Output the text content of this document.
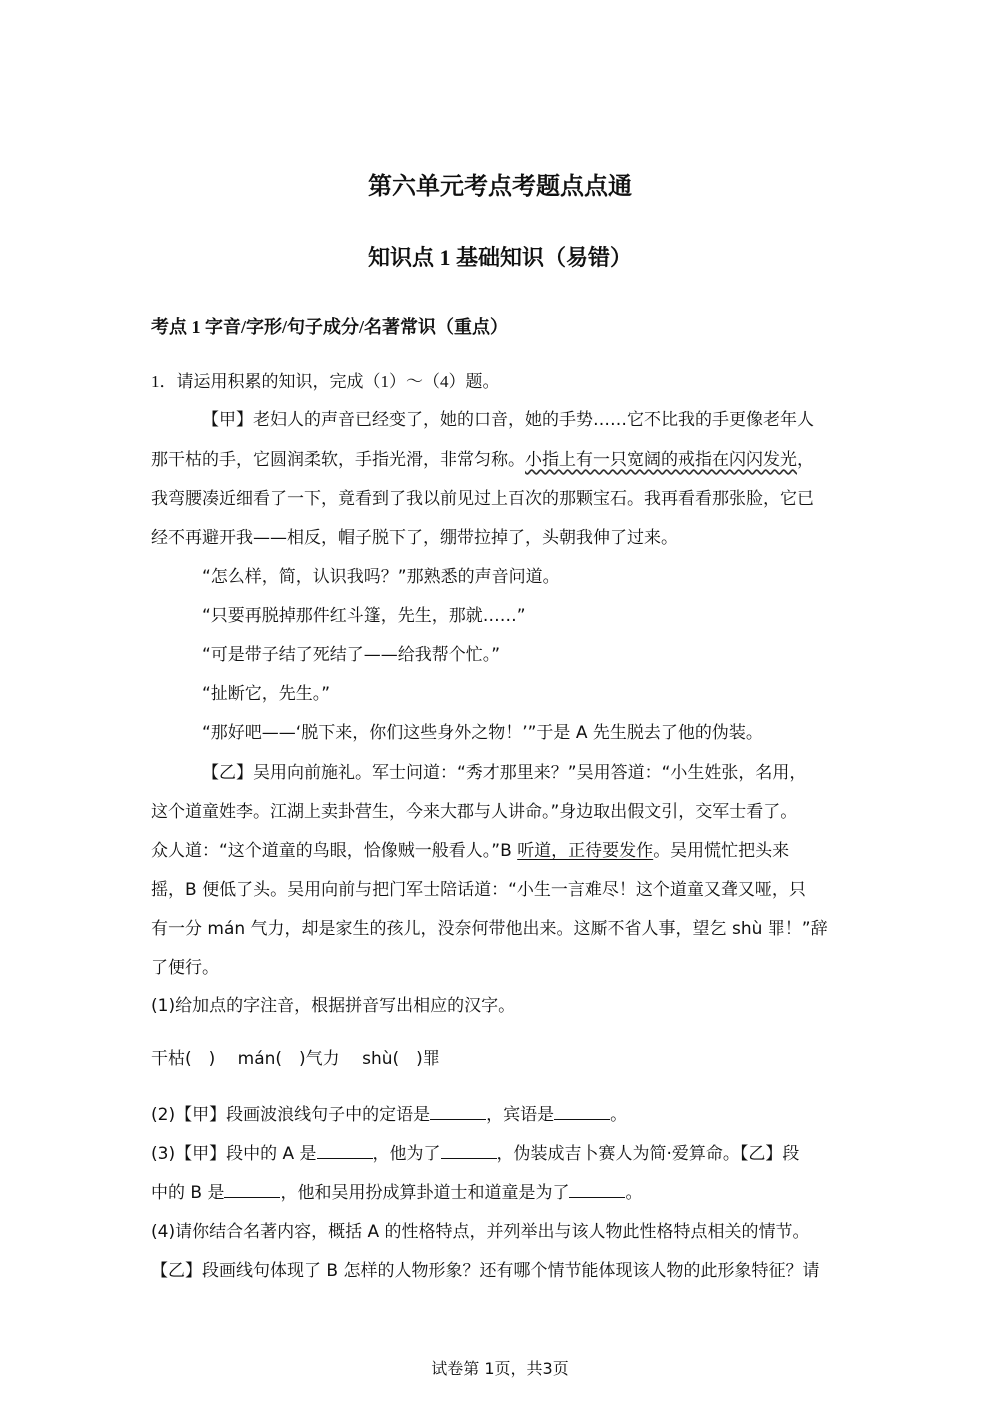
第六单元考点考题点点通
知识点 1 基础知识（易错）
考点 1 字音/字形/句子成分/名著常识（重点）
1．请运用积累的知识，完成（1）～（4）题。
【甲】老妇人的声音已经变了，她的口音，她的手势……它不比我的手更像老年人
那干枯的手，它圆润柔软，手指光滑，非常匀称。小指上有一只宽阔的戒指在闪闪发光，
我弯腰凑近细看了一下，竟看到了我以前见过上百次的那颗宝石。我再看看那张脸，它已
经不再避开我——相反，帽子脱下了，绷带拉掉了，头朝我伸了过来。
“怎么样，简，认识我吗？”那熟悉的声音问道。
“只要再脱掉那件红斗篷，先生，那就……”
“可是带子结了死结了——给我帮个忙。”
“扯断它，先生。”
“那好吧——‘脱下来，你们这些身外之物！’”于是 A 先生脱去了他的伪装。
【乙】吴用向前施礼。军士问道：“秀才那里来？”吴用答道：“小生姓张，名用，
这个道童姓李。江湖上卖卦营生，今来大郡与人讲命。”身边取出假文引，交军士看了。
众人道：“这个道童的鸟眼，恰像贼一般看人。”B 听道，正待要发作。吴用慌忙把头来
摇，B 便低了头。吴用向前与把门军士陪话道：“小生一言难尽！这个道童又聋又哑，只
有一分 mán 气力，却是家生的孩儿，没奈何带他出来。这厮不省人事，望乞 shù 罪！”辞
了便行。
(1)给加点的字注音，根据拼音写出相应的汉字。
干枯(　)　 mán(　)气力　 shù(　)罪
(2)【甲】段画波浪线句子中的定语是	，宾语是	。
(3)【甲】段中的 A 是	，他为了	，伪装成吉卜赛人为简·爱算命。【乙】段
中的 B 是	，他和吴用扮成算卦道士和道童是为了	。
(4)请你结合名著内容，概括 A 的性格特点，并列举出与该人物此性格特点相关的情节。
【乙】段画线句体现了 B 怎样的人物形象？还有哪个情节能体现该人物的此形象特征？请
试卷第 1页，共3页
